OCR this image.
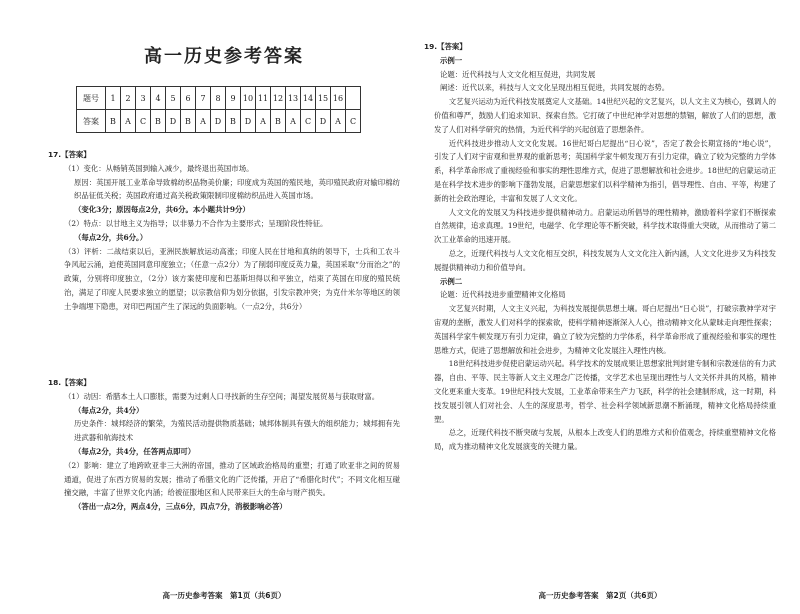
高一历史参考答案
题号	1	2	3	4	5	6	7	8	9	10	11	12	13	14	15	16	
答案	B	A	C	B	D	B	A	D	B	D	A	B	A	C	D	A	C

17.【答案】

（1）变化：从畅销英国到输入减少，最终退出英国市场。

原因：英国开展工业革命导致棉纺织品物美价廉；印度成为英国的殖民地，英印殖民政府对输印棉纺织品征低关税；英国政府通过高关税政策限制印度棉纺织品进入英国市场。

（变化3分；原因每点2分，共6分。本小题共计9分）

（2）特点：以甘地主义为指导；以非暴力不合作为主要形式；呈现阶段性特征。

（每点2分，共6分。）

（3）评析：二战结束以后，亚洲民族解放运动高涨；印度人民在甘地和真纳的领导下，士兵和工农斗争风起云涌，迫使英国同意印度独立；（任意一点2分）为了削弱印度反英力量，英国采取“分而治之”的政策，分别将印度独立，（2分）该方案使印度和巴基斯坦得以和平独立，结束了英国在印度的殖民统治，满足了印度人民要求独立的愿望；以宗教信仰为划分依据，引发宗教冲突；为克什米尔等地区的领土争端埋下隐患，对印巴两国产生了深远的负面影响。（一点2分，共6分）

18.【答案】

（1）动因：希腊本土人口膨胀，需要为过剩人口寻找新的生存空间；渴望发展贸易与获取财富。

（每点2分，共4分）

历史条件：城邦经济的繁荣，为殖民活动提供物质基础；城邦体制具有强大的组织能力；城邦拥有先进武器和航海技术

（每点2分，共4分，任答两点即可）

（2）影响：建立了地跨欧亚非三大洲的帝国，推动了区域政治格局的重塑；打通了欧亚非之间的贸易通道，促进了东西方贸易的发展；推动了希腊文化的广泛传播，开启了“希腊化时代”；不同文化相互碰撞交融，丰富了世界文化内涵；给被征服地区和人民带来巨大的生命与财产损失。

（答出一点2分，两点4分，三点6分，四点7分，消极影响必答）

高一历史参考答案　第1页（共6页）

19.【答案】

示例一

论题：近代科技与人文文化相互促进，共同发展

阐述：近代以来，科技与人文文化呈现出相互促进，共同发展的态势。

文艺复兴运动为近代科技发展奠定人文基础。14世纪兴起的文艺复兴，以人文主义为核心，强调人的价值和尊严，鼓励人们追求知识、探索自然。它打破了中世纪神学对思想的禁锢，解放了人们的思想，激发了人们对科学研究的热情，为近代科学的兴起创造了思想条件。

近代科技进步推动人文文化发展。16世纪哥白尼提出“日心说”，否定了教会长期宣扬的“地心说”，引发了人们对宇宙观和世界观的重新思考；英国科学家牛顿发现万有引力定律，确立了较为完整的力学体系，科学革命形成了重视经验和事实的理性思维方式，促进了思想解放和社会进步。18世纪的启蒙运动正是在科学技术进步的影响下蓬勃发展，启蒙思想家们以科学精神为指引，倡导理性、自由、平等，构建了新的社会政治理论，丰富和发展了人文文化。

人文文化的发展又为科技进步提供精神动力。启蒙运动所倡导的理性精神，激励着科学家们不断探索自然规律，追求真理。19世纪，电磁学、化学理论等不断突破，科学技术取得重大突破，从而推动了第二次工业革命的迅速开展。

总之，近现代科技与人文文化相互交织，科技发展为人文文化注入新内涵，人文文化进步又为科技发展提供精神动力和价值导向。

示例二

论题：近代科技进步重塑精神文化格局

文艺复兴时期，人文主义兴起，为科技发展提供思想土壤。哥白尼提出“日心说”，打破宗教神学对宇宙观的垄断，激发人们对科学的探索欲，使科学精神逐渐深入人心，推动精神文化从蒙昧走向理性探索；英国科学家牛顿发现万有引力定律，确立了较为完整的力学体系，科学革命形成了重视经验和事实的理性思维方式，促进了思想解放和社会进步，为精神文化发展注入理性内核。

18世纪科技进步促使启蒙运动兴起。科学技术的发展成果让思想家批判封建专制和宗教迷信的有力武器，自由、平等、民主等新人文主义理念广泛传播，文学艺术也呈现出理性与人文关怀并具的风格，精神文化更来重大变革。19世纪科技大发展，工业革命带来生产力飞跃，科学的社会建制形成，这一时期，科技发展引领人们对社会、人生的深度思考，哲学、社会科学领域新思潮不断涌现，精神文化格局持续重塑。

总之，近现代科技不断突破与发展，从根本上改变人们的思维方式和价值观念，持续重塑精神文化格局，成为推动精神文化发展演变的关键力量。

高一历史参考答案　第2页（共6页）
